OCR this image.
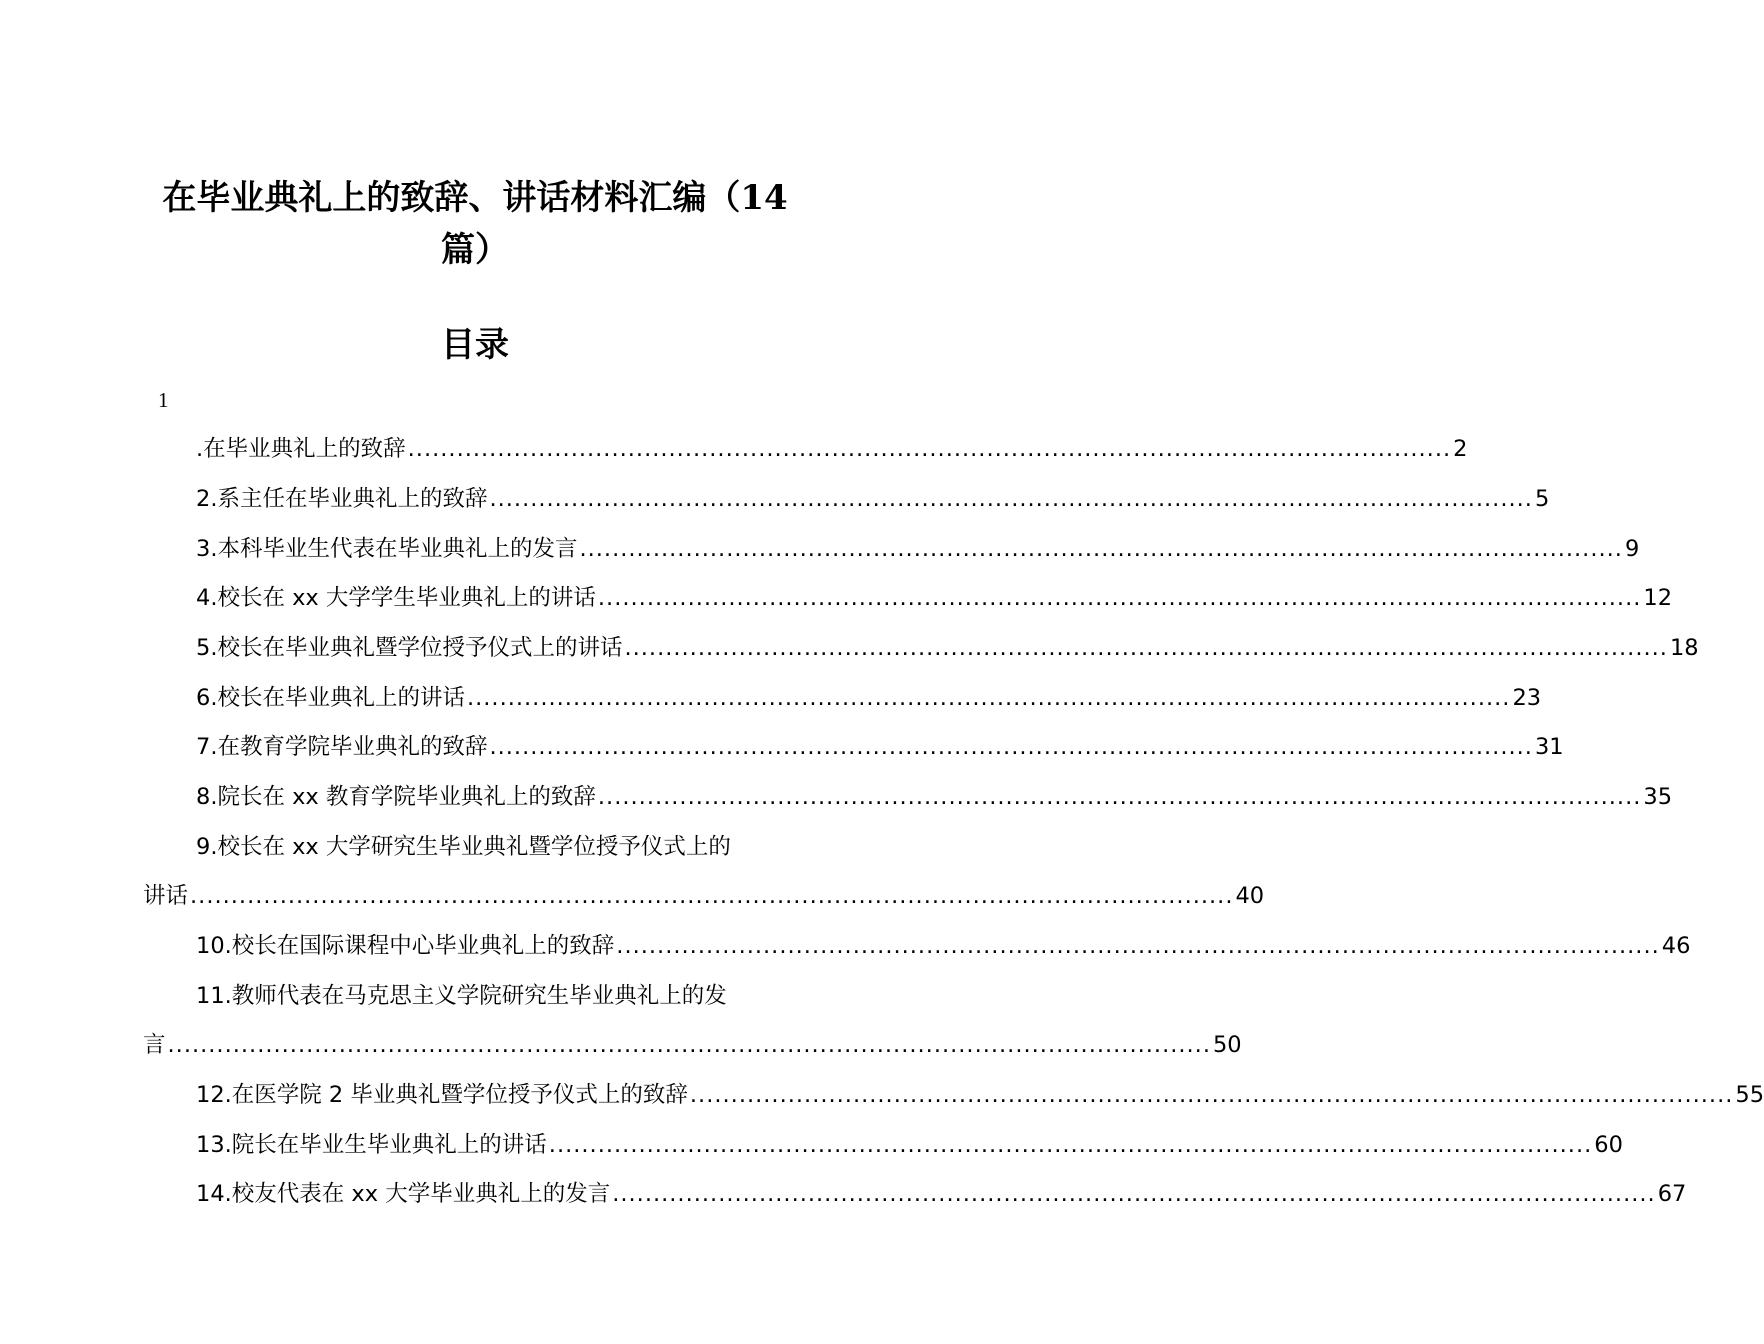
在毕业典礼上的致辞、讲话材料汇编（14
篇）
目录
1
.在毕业典礼上的致辞 ................................................................................................................................ 2
2.系主任在毕业典礼上的致辞 ................................................................................................................................ 5
3.本科毕业生代表在毕业典礼上的发言 ................................................................................................................................ 9
4.校长在 xx 大学学生毕业典礼上的讲话 ................................................................................................................................ 12
5.校长在毕业典礼暨学位授予仪式上的讲话 ................................................................................................................................ 18
6.校长在毕业典礼上的讲话 ................................................................................................................................ 23
7.在教育学院毕业典礼的致辞 ................................................................................................................................ 31
8.院长在 xx 教育学院毕业典礼上的致辞 ................................................................................................................................ 35
9.校长在 xx 大学研究生毕业典礼暨学位授予仪式上的
讲话 ................................................................................................................................ 40
10.校长在国际课程中心毕业典礼上的致辞 ................................................................................................................................ 46
11.教师代表在马克思主义学院研究生毕业典礼上的发
言 ................................................................................................................................ 50
12.在医学院 2 毕业典礼暨学位授予仪式上的致辞 ................................................................................................................................ 55
13.院长在毕业生毕业典礼上的讲话 ................................................................................................................................ 60
14.校友代表在 xx 大学毕业典礼上的发言 ................................................................................................................................ 67
